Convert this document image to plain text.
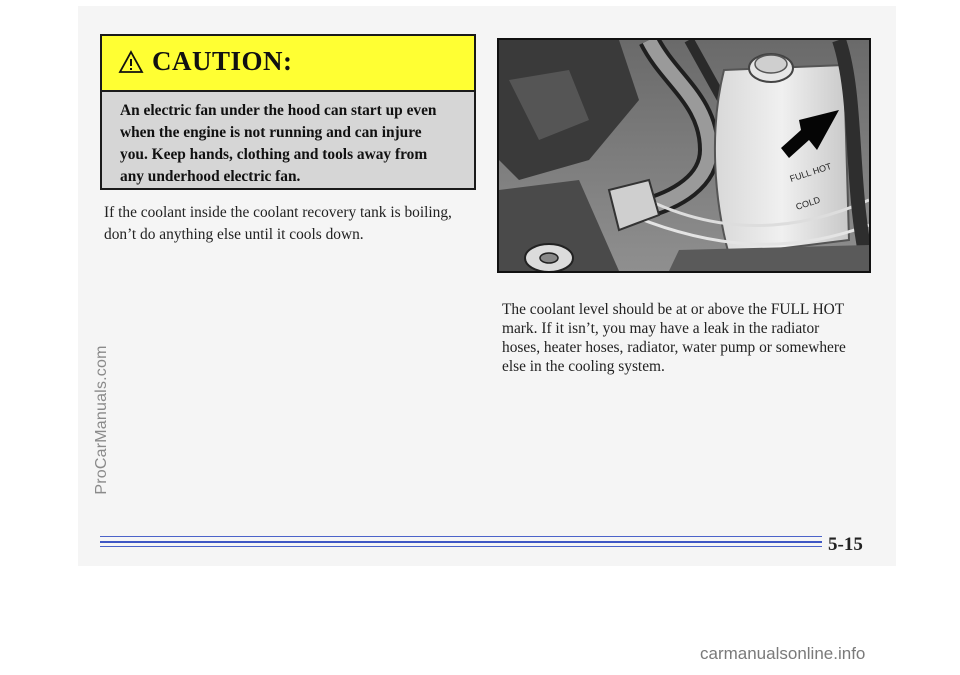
CAUTION:
An electric fan under the hood can start up even
when the engine is not running and can injure
you. Keep hands, clothing and tools away from
any underhood electric fan.
If the coolant inside the coolant recovery tank is boiling,
don’t do anything else until it cools down.
FULL HOT
COLD
The coolant level should be at or above the FULL HOT
mark. If it isn’t, you may have a leak in the radiator
hoses, heater hoses, radiator, water pump or somewhere
else in the cooling system.
5-15
ProCarManuals.com
carmanualsonline.info
